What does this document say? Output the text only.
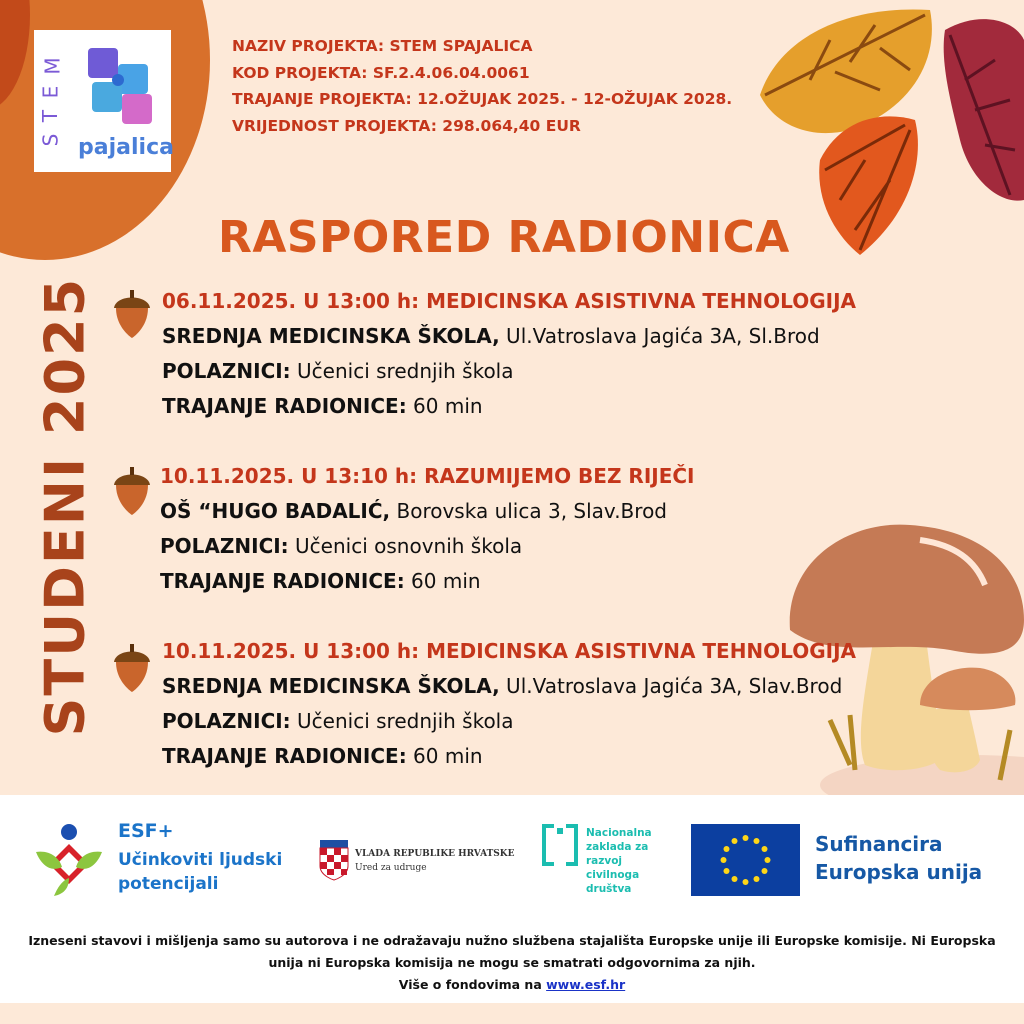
S
T
E
M
pajalica
NAZIV PROJEKTA: STEM SPAJALICA
KOD PROJEKTA: SF.2.4.06.04.0061
TRAJANJE PROJEKTA: 12.OŽUJAK 2025. - 12-OŽUJAK 2028.
VRIJEDNOST PROJEKTA: 298.064,40 EUR
RASPORED RADIONICA
STUDENI 2025	06.11.2025. U 13:00 h: MEDICINSKA ASISTIVNA TEHNOLOGIJA
SREDNJA MEDICINSKA ŠKOLA, Ul.Vatroslava Jagića 3A, Sl.Brod
POLAZNICI: Učenici srednjih škola
TRAJANJE RADIONICE: 60 min
10.11.2025. U 13:10 h: RAZUMIJEMO BEZ RIJEČI
OŠ “HUGO BADALIĆ, Borovska ulica 3, Slav.Brod
POLAZNICI: Učenici osnovnih škola
TRAJANJE RADIONICE: 60 min
10.11.2025. U 13:00 h: MEDICINSKA ASISTIVNA TEHNOLOGIJA
SREDNJA MEDICINSKA ŠKOLA, Ul.Vatroslava Jagića 3A, Slav.Brod
POLAZNICI: Učenici srednjih škola
TRAJANJE RADIONICE: 60 min
ESF+
Učinkoviti ljudski
potencijali
VLADA REPUBLIKE HRVATSKE
Ured za udruge
Nacionalna
zaklada za
razvoj
civilnoga
društva
Sufinancira
Europska unija
Izneseni stavovi i mišljenja samo su autorova i ne odražavaju nužno službena stajališta Europske unije ili Europske komisije. Ni Europska
unija ni Europska komisija ne mogu se smatrati odgovornima za njih.
Više o fondovima na www.esf.hr
